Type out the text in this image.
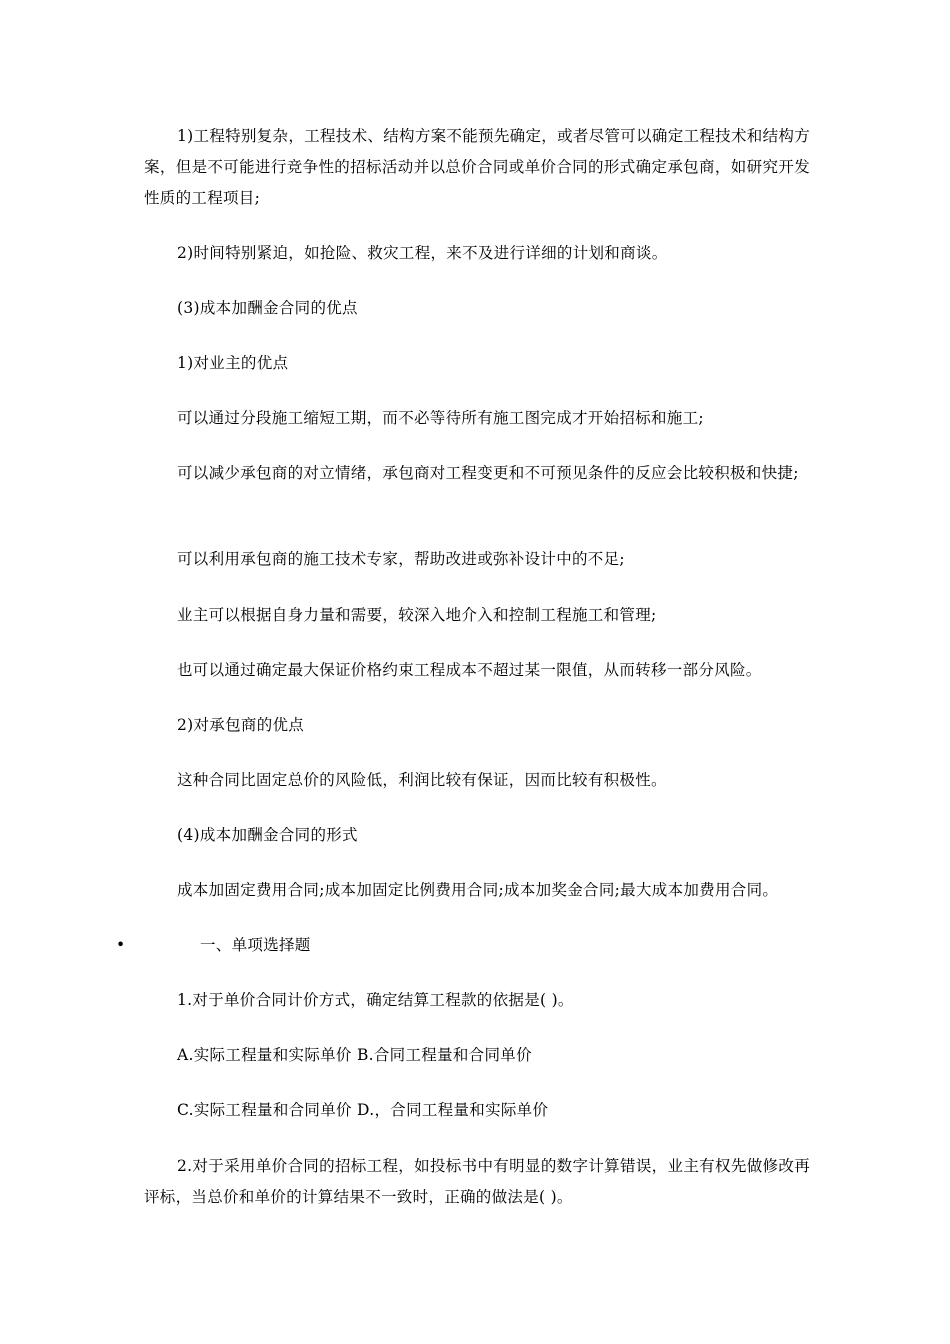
1)工程特别复杂，工程技术、结构方案不能预先确定，或者尽管可以确定工程技术和结构方案，但是不可能进行竞争性的招标活动并以总价合同或单价合同的形式确定承包商，如研究开发性质的工程项目;

2)时间特别紧迫，如抢险、救灾工程，来不及进行详细的计划和商谈。

(3)成本加酬金合同的优点

1)对业主的优点

可以通过分段施工缩短工期，而不必等待所有施工图完成才开始招标和施工;

可以减少承包商的对立情绪，承包商对工程变更和不可预见条件的反应会比较积极和快捷;

可以利用承包商的施工技术专家，帮助改进或弥补设计中的不足;

业主可以根据自身力量和需要，较深入地介入和控制工程施工和管理;

也可以通过确定最大保证价格约束工程成本不超过某一限值，从而转移一部分风险。

2)对承包商的优点

这种合同比固定总价的风险低，利润比较有保证，因而比较有积极性。

(4)成本加酬金合同的形式

成本加固定费用合同;成本加固定比例费用合同;成本加奖金合同;最大成本加费用合同。

•	一、单项选择题

1.对于单价合同计价方式，确定结算工程款的依据是( )。

A.实际工程量和实际单价 B.合同工程量和合同单价

C.实际工程量和合同单价 D.，合同工程量和实际单价

2.对于采用单价合同的招标工程，如投标书中有明显的数字计算错误，业主有权先做修改再评标，当总价和单价的计算结果不一致时，正确的做法是( )。
